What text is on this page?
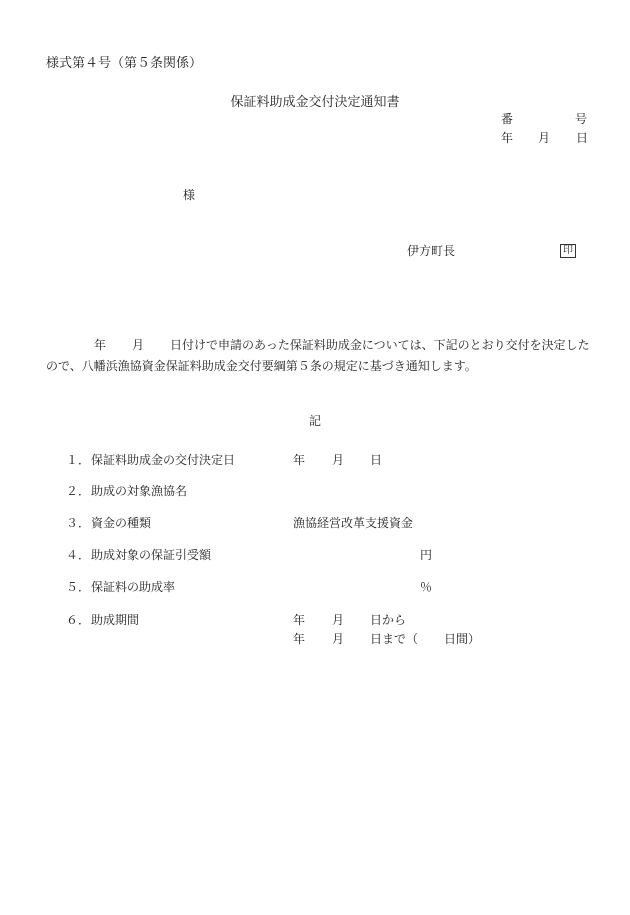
様式第４号（第５条関係）
保証料助成金交付決定通知書
番	号
年 月 日
様
伊方町長	印
年 月 日付けで申請のあった保証料助成金については、下記のとおり交付を決定したので、八幡浜漁協資金保証料助成金交付要綱第５条の規定に基づき通知します。
記
１． 保証料助成金の交付決定日	年 月 日
２． 助成の対象漁協名
３． 資金の種類	漁協経営改革支援資金
４． 助成対象の保証引受額	円
５． 保証料の助成率	％
６． 助成期間	年 月 日から
年 月 日まで（ 日間）
